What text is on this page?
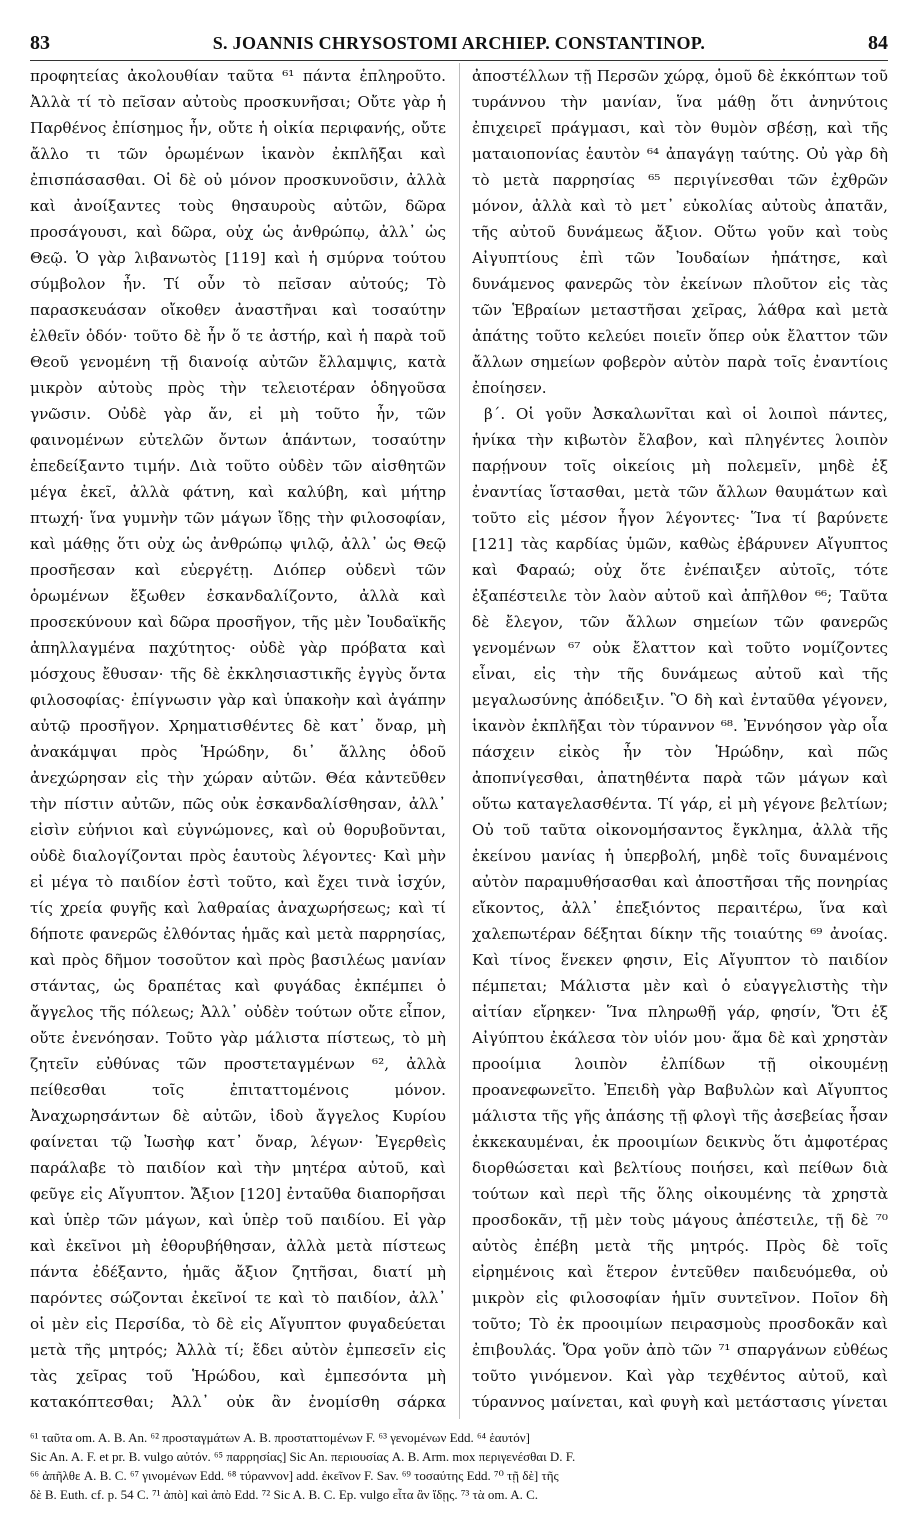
83	S. JOANNIS CHRYSOSTOMI ARCHIEP. CONSTANTINOP.	84

προφητείας ἀκολουθίαν ταῦτα ⁶¹ πάντα ἐπληροῦτο. Ἀλλὰ τί τὸ πεῖσαν αὐτοὺς προσκυνῆσαι; Οὔτε γὰρ ἡ Παρθένος ἐπίσημος ἦν, οὔτε ἡ οἰκία περιφανής, οὔτε ἄλλο τι τῶν ὁρωμένων ἱκανὸν ἐκπλῆξαι καὶ ἐπισπάσασθαι. Οἱ δὲ οὐ μόνον προσκυνοῦσιν, ἀλλὰ καὶ ἀνοίξαντες τοὺς θησαυροὺς αὐτῶν, δῶρα προσάγουσι, καὶ δῶρα, οὐχ ὡς ἀνθρώπῳ, ἀλλ᾽ ὡς Θεῷ. Ὁ γὰρ λιβανωτὸς [119] καὶ ἡ σμύρνα τούτου σύμβολον ἦν. Τί οὖν τὸ πεῖσαν αὐτούς; Τὸ παρασκευάσαν οἴκοθεν ἀναστῆναι καὶ τοσαύτην ἐλθεῖν ὁδόν· τοῦτο δὲ ἦν ὅ τε ἀστήρ, καὶ ἡ παρὰ τοῦ Θεοῦ γενομένη τῇ διανοίᾳ αὐτῶν ἔλλαμψις, κατὰ μικρὸν αὐτοὺς πρὸς τὴν τελειοτέραν ὁδηγοῦσα γνῶσιν. Οὐδὲ γὰρ ἄν, εἰ μὴ τοῦτο ἦν, τῶν φαινομένων εὐτελῶν ὄντων ἁπάντων, τοσαύτην ἐπεδείξαντο τιμήν. Διὰ τοῦτο οὐδὲν τῶν αἰσθητῶν μέγα ἐκεῖ, ἀλλὰ φάτνη, καὶ καλύβη, καὶ μήτηρ πτωχή· ἵνα γυμνὴν τῶν μάγων ἴδῃς τὴν φιλοσοφίαν, καὶ μάθῃς ὅτι οὐχ ὡς ἀνθρώπῳ ψιλῷ, ἀλλ᾽ ὡς Θεῷ προσῆεσαν καὶ εὐεργέτῃ. Διόπερ οὐδενὶ τῶν ὁρωμένων ἔξωθεν ἐσκανδαλίζοντο, ἀλλὰ καὶ προσεκύνουν καὶ δῶρα προσῆγον, τῆς μὲν Ἰουδαϊκῆς ἀπηλλαγμένα παχύτητος· οὐδὲ γὰρ πρόβατα καὶ μόσχους ἔθυσαν· τῆς δὲ ἐκκλησιαστικῆς ἐγγὺς ὄντα φιλοσοφίας· ἐπίγνωσιν γὰρ καὶ ὑπακοὴν καὶ ἀγάπην αὐτῷ προσῆγον. Χρηματισθέντες δὲ κατ᾽ ὄναρ, μὴ ἀνακάμψαι πρὸς Ἡρώδην, δι᾽ ἄλλης ὁδοῦ ἀνεχώρησαν εἰς τὴν χώραν αὐτῶν. Θέα κἀντεῦθεν τὴν πίστιν αὐτῶν, πῶς οὐκ ἐσκανδαλίσθησαν, ἀλλ᾽ εἰσὶν εὐήνιοι καὶ εὐγνώμονες, καὶ οὐ θορυβοῦνται, οὐδὲ διαλογίζονται πρὸς ἑαυτοὺς λέγοντες· Καὶ μὴν εἰ μέγα τὸ παιδίον ἐστὶ τοῦτο, καὶ ἔχει τινὰ ἰσχύν, τίς χρεία φυγῆς καὶ λαθραίας ἀναχωρήσεως; καὶ τί δήποτε φανερῶς ἐλθόντας ἡμᾶς καὶ μετὰ παρρησίας, καὶ πρὸς δῆμον τοσοῦτον καὶ πρὸς βασιλέως μανίαν στάντας, ὡς δραπέτας καὶ φυγάδας ἐκπέμπει ὁ ἄγγελος τῆς πόλεως; Ἀλλ᾽ οὐδὲν τούτων οὔτε εἶπον, οὔτε ἐνενόησαν. Τοῦτο γὰρ μάλιστα πίστεως, τὸ μὴ ζητεῖν εὐθύνας τῶν προστεταγμένων ⁶², ἀλλὰ πείθεσθαι τοῖς ἐπιταττομένοις μόνον. Ἀναχωρησάντων δὲ αὐτῶν, ἰδοὺ ἄγγελος Κυρίου φαίνεται τῷ Ἰωσὴφ κατ᾽ ὄναρ, λέγων· Ἐγερθεὶς παράλαβε τὸ παιδίον καὶ τὴν μητέρα αὐτοῦ, καὶ φεῦγε εἰς Αἴγυπτον. Ἄξιον [120] ἐνταῦθα διαπορῆσαι καὶ ὑπὲρ τῶν μάγων, καὶ ὑπὲρ τοῦ παιδίου. Εἰ γὰρ καὶ ἐκεῖνοι μὴ ἐθορυβήθησαν, ἀλλὰ μετὰ πίστεως πάντα ἐδέξαντο, ἡμᾶς ἄξιον ζητῆσαι, διατί μὴ παρόντες σώζονται ἐκεῖνοί τε καὶ τὸ παιδίον, ἀλλ᾽ οἱ μὲν εἰς Περσίδα, τὸ δὲ εἰς Αἴγυπτον φυγαδεύεται μετὰ τῆς μητρός; Ἀλλὰ τί; ἔδει αὐτὸν ἐμπεσεῖν εἰς τὰς χεῖρας τοῦ Ἡρώδου, καὶ ἐμπεσόντα μὴ κατακόπτεσθαι; Ἀλλ᾽ οὐκ ἂν ἐνομίσθη σάρκα

ἀποστέλλων τῇ Περσῶν χώρᾳ, ὁμοῦ δὲ ἐκκόπτων τοῦ τυράννου τὴν μανίαν, ἵνα μάθῃ ὅτι ἀνηνύτοις ἐπιχειρεῖ πράγμασι, καὶ τὸν θυμὸν σβέσῃ, καὶ τῆς ματαιοπονίας ἑαυτὸν ⁶⁴ ἀπαγάγῃ ταύτης. Οὐ γὰρ δὴ τὸ μετὰ παρρησίας ⁶⁵ περιγίνεσθαι τῶν ἐχθρῶν μόνον, ἀλλὰ καὶ τὸ μετ᾽ εὐκολίας αὐτοὺς ἀπατᾶν, τῆς αὐτοῦ δυνάμεως ἄξιον. Οὕτω γοῦν καὶ τοὺς Αἰγυπτίους ἐπὶ τῶν Ἰουδαίων ἠπάτησε, καὶ δυνάμενος φανερῶς τὸν ἐκείνων πλοῦτον εἰς τὰς τῶν Ἑβραίων μεταστῆσαι χεῖρας, λάθρα καὶ μετὰ ἀπάτης τοῦτο κελεύει ποιεῖν ὅπερ οὐκ ἔλαττον τῶν ἄλλων σημείων φοβερὸν αὐτὸν παρὰ τοῖς ἐναντίοις ἐποίησεν.

β΄. Οἱ γοῦν Ἀσκαλωνῖται καὶ οἱ λοιποὶ πάντες, ἡνίκα τὴν κιβωτὸν ἔλαβον, καὶ πληγέντες λοιπὸν παρῄνουν τοῖς οἰκείοις μὴ πολεμεῖν, μηδὲ ἐξ ἐναντίας ἵστασθαι, μετὰ τῶν ἄλλων θαυμάτων καὶ τοῦτο εἰς μέσον ἦγον λέγοντες· Ἵνα τί βαρύνετε [121] τὰς καρδίας ὑμῶν, καθὼς ἐβάρυνεν Αἴγυπτος καὶ Φαραώ; οὐχ ὅτε ἐνέπαιξεν αὐτοῖς, τότε ἐξαπέστειλε τὸν λαὸν αὐτοῦ καὶ ἀπῆλθον ⁶⁶; Ταῦτα δὲ ἔλεγον, τῶν ἄλλων σημείων τῶν φανερῶς γενομένων ⁶⁷ οὐκ ἔλαττον καὶ τοῦτο νομίζοντες εἶναι, εἰς τὴν τῆς δυνάμεως αὐτοῦ καὶ τῆς μεγαλωσύνης ἀπόδειξιν. Ὃ δὴ καὶ ἐνταῦθα γέγονεν, ἱκανὸν ἐκπλῆξαι τὸν τύραννον ⁶⁸. Ἐννόησον γὰρ οἷα πάσχειν εἰκὸς ἦν τὸν Ἡρώδην, καὶ πῶς ἀποπνίγεσθαι, ἀπατηθέντα παρὰ τῶν μάγων καὶ οὕτω καταγελασθέντα. Τί γάρ, εἰ μὴ γέγονε βελτίων; Οὐ τοῦ ταῦτα οἰκονομήσαντος ἔγκλημα, ἀλλὰ τῆς ἐκείνου μανίας ἡ ὑπερβολή, μηδὲ τοῖς δυναμένοις αὐτὸν παραμυθήσασθαι καὶ ἀποστῆσαι τῆς πονηρίας εἴκοντος, ἀλλ᾽ ἐπεξιόντος περαιτέρω, ἵνα καὶ χαλεπωτέραν δέξηται δίκην τῆς τοιαύτης ⁶⁹ ἀνοίας. Καὶ τίνος ἕνεκεν φησιν, Εἰς Αἴγυπτον τὸ παιδίον πέμπεται; Μάλιστα μὲν καὶ ὁ εὐαγγελιστὴς τὴν αἰτίαν εἴρηκεν· Ἵνα πληρωθῇ γάρ, φησίν, Ὅτι ἐξ Αἰγύπτου ἐκάλεσα τὸν υἱόν μου· ἅμα δὲ καὶ χρηστὰν προοίμια λοιπὸν ἐλπίδων τῇ οἰκουμένῃ προανεφωνεῖτο. Ἐπειδὴ γὰρ Βαβυλὼν καὶ Αἴγυπτος μάλιστα τῆς γῆς ἁπάσης τῇ φλογὶ τῆς ἀσεβείας ἦσαν ἐκκεκαυμέναι, ἐκ προοιμίων δεικνὺς ὅτι ἀμφοτέρας διορθώσεται καὶ βελτίους ποιήσει, καὶ πείθων διὰ τούτων καὶ περὶ τῆς ὅλης οἰκουμένης τὰ χρηστὰ προσδοκᾶν, τῇ μὲν τοὺς μάγους ἀπέστειλε, τῇ δὲ ⁷⁰ αὐτὸς ἐπέβη μετὰ τῆς μητρός. Πρὸς δὲ τοῖς εἰρημένοις καὶ ἕτερον ἐντεῦθεν παιδευόμεθα, οὐ μικρὸν εἰς φιλοσοφίαν ἡμῖν συντεῖνον. Ποῖον δὴ τοῦτο; Τὸ ἐκ προοιμίων πειρασμοὺς προσδοκᾶν καὶ ἐπιβουλάς. Ὅρα γοῦν ἀπὸ τῶν ⁷¹ σπαργάνων εὐθέως τοῦτο γινόμενον. Καὶ γὰρ τεχθέντος αὐτοῦ, καὶ τύραννος μαίνεται, καὶ φυγὴ καὶ μετάστασις γίνεται

⁶¹ ταῦτα om. A. B. An. ⁶² προσταγμάτων A. B. προσταττομένων F. ⁶³ γενομένων Edd. ⁶⁴ ἑαυτόν]
Sic An. A. F. et pr. B. vulgo αὐτόν. ⁶⁵ παρρησίας] Sic An. περιουσίας A. B. Arm. mox περιγενέσθαι D. F.
⁶⁶ ἀπῆλθε A. B. C. ⁶⁷ γινομένων Edd. ⁶⁸ τύραννον] add. ἐκεῖνον F. Sav. ⁶⁹ τοσαύτης Edd. ⁷⁰ τῇ δὲ] τῆς
δὲ B. Euth. cf. p. 54 C. ⁷¹ ἀπὸ] καὶ ἀπὸ Edd. ⁷² Sic A. B. C. Ep. vulgo εἶτα ἂν ἴδῃς. ⁷³ τὰ om. A. C.
